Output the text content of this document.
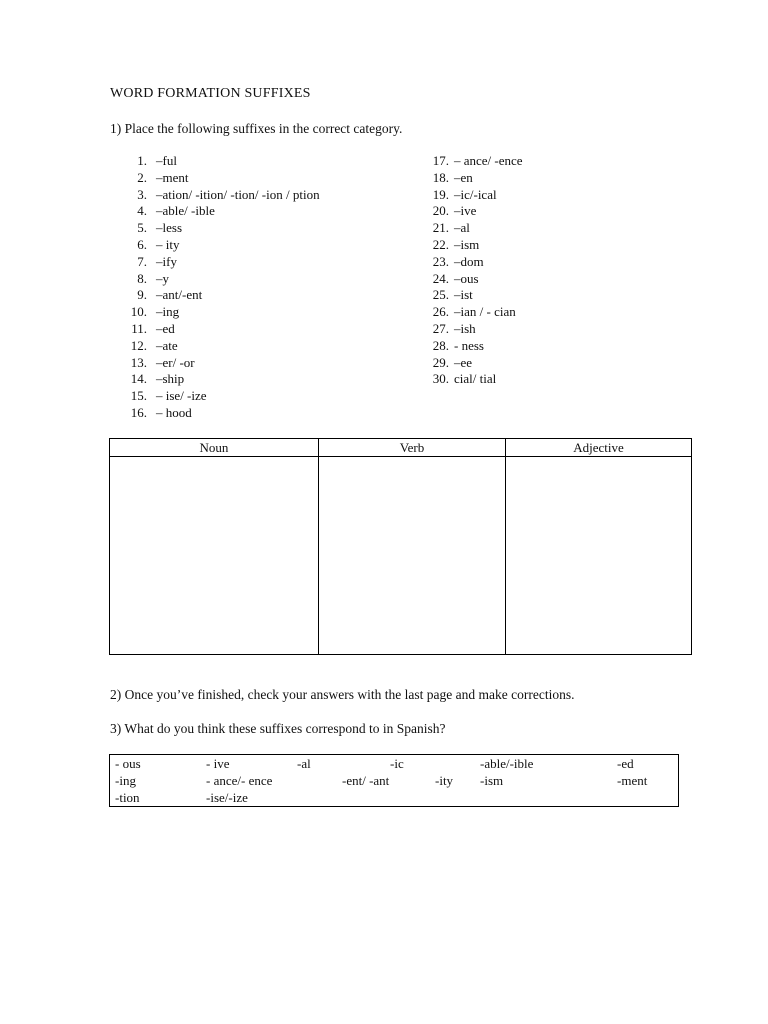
WORD FORMATION SUFFIXES
1) Place the following suffixes in the correct category.
1. –ful
2. –ment
3. –ation/ -ition/ -tion/ -ion / ption
4. –able/ -ible
5. –less
6. – ity
7. –ify
8. –y
9. –ant/-ent
10. –ing
11. –ed
12. –ate
13. –er/ -or
14. –ship
15. – ise/ -ize
16. – hood
17. – ance/ -ence
18. –en
19. –ic/-ical
20. –ive
21. –al
22. –ism
23. –dom
24. –ous
25. –ist
26. –ian / - cian
27. –ish
28. - ness
29. –ee
30. cial/ tial
Noun	Verb	Adjective

2) Once you’ve finished, check your answers with the last page and make corrections.
3) What do you think these suffixes correspond to in Spanish?
- ous	- ive	-al	-ic	-able/-ible	-ed
-ing	- ance/- ence	-ent/ -ant	-ity -ism	-ment
-tion	-ise/-ize
